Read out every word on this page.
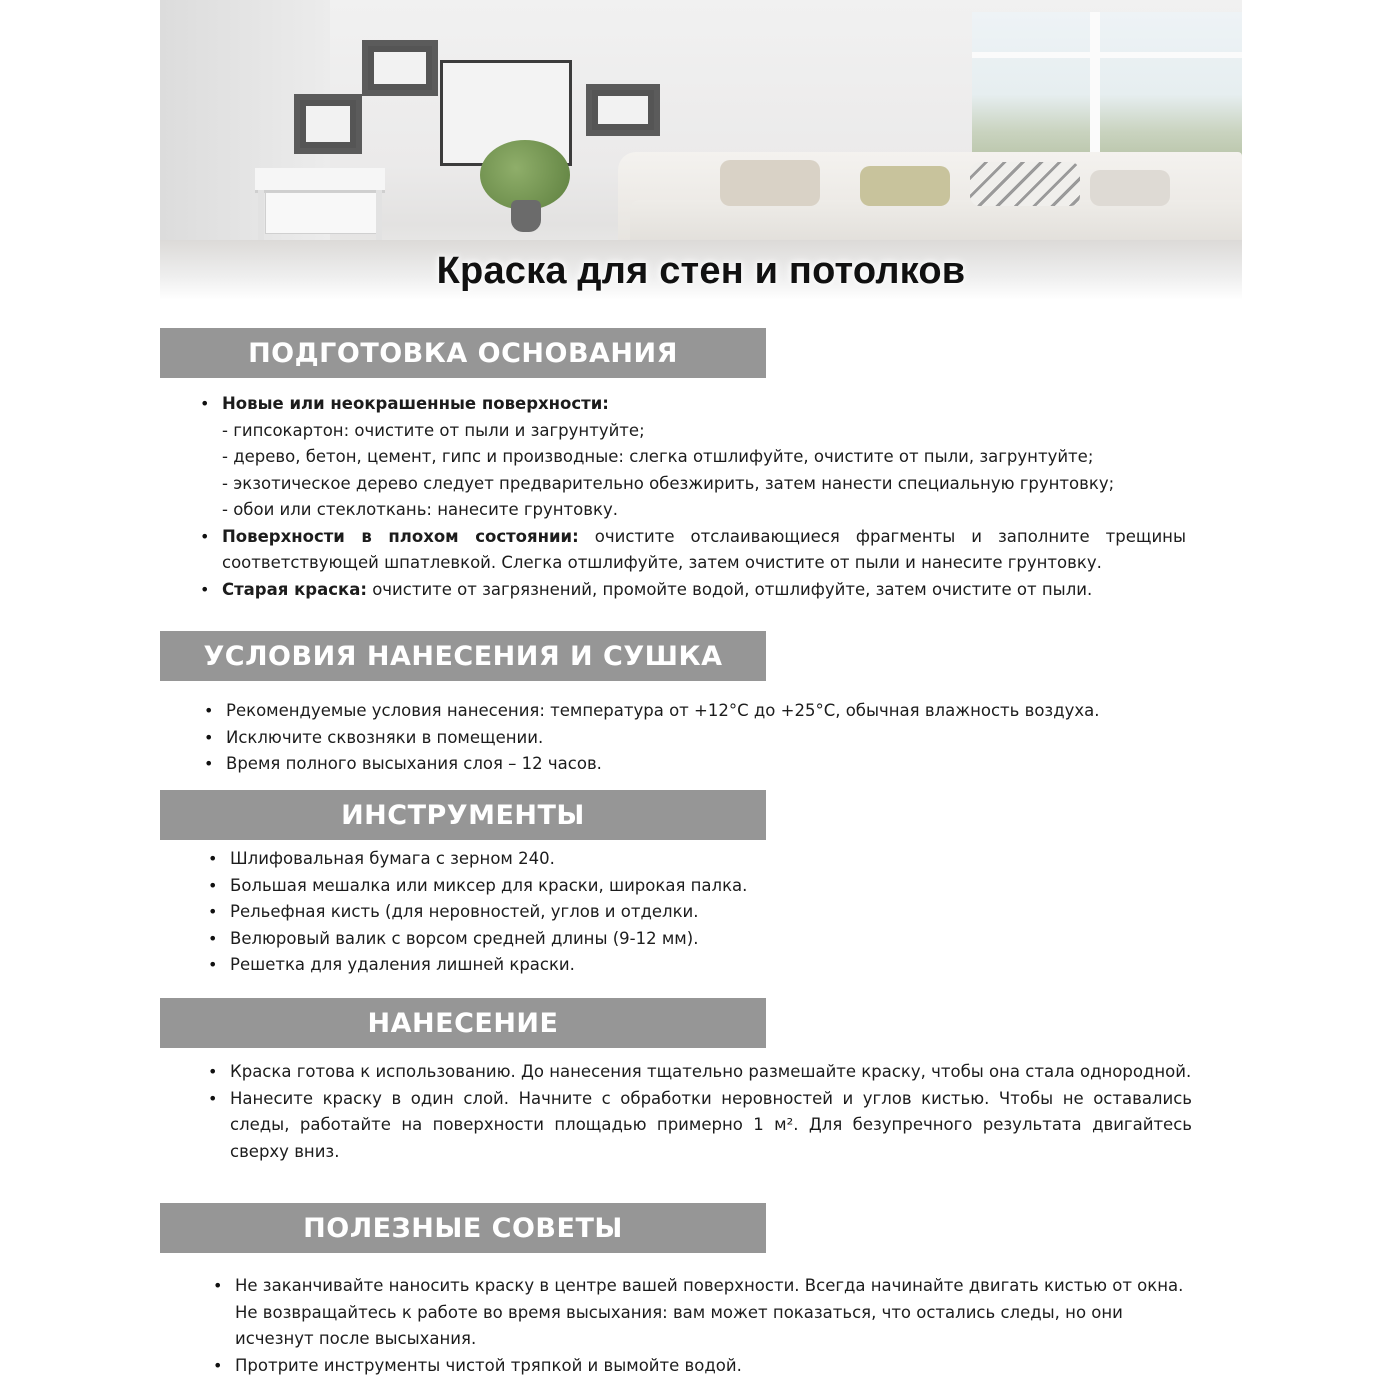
Краска для стен и потолков
ПОДГОТОВКА ОСНОВАНИЯ
• Новые или неокрашенные поверхности:
- гипсокартон: очистите от пыли и загрунтуйте;
- дерево, бетон, цемент, гипс и производные: слегка отшлифуйте, очистите от пыли, загрунтуйте;
- экзотическое дерево следует предварительно обезжирить, затем нанести специальную грунтовку;
- обои или стеклоткань: нанесите грунтовку.
• Поверхности в плохом состоянии: очистите отслаивающиеся фрагменты и заполните трещины соответствующей шпатлевкой. Слегка отшлифуйте, затем очистите от пыли и нанесите грунтовку.
• Старая краска: очистите от загрязнений, промойте водой, отшлифуйте, затем очистите от пыли.
УСЛОВИЯ НАНЕСЕНИЯ И СУШКА
• Рекомендуемые условия нанесения: температура от +12°С до +25°С, обычная влажность воздуха.
• Исключите сквозняки в помещении.
• Время полного высыхания слоя – 12 часов.
ИНСТРУМЕНТЫ
• Шлифовальная бумага с зерном 240.
• Большая мешалка или миксер для краски, широкая палка.
• Рельефная кисть (для неровностей, углов и отделки.
• Велюровый валик с ворсом средней длины (9-12 мм).
• Решетка для удаления лишней краски.
НАНЕСЕНИЕ
• Краска готова к использованию. До нанесения тщательно размешайте краску, чтобы она стала однородной.
• Нанесите краску в один слой. Начните с обработки неровностей и углов кистью. Чтобы не оставались следы, работайте на поверхности площадью примерно 1 м². Для безупречного результата двигайтесь сверху вниз.
ПОЛЕЗНЫЕ СОВЕТЫ
• Не заканчивайте наносить краску в центре вашей поверхности. Всегда начинайте двигать кистью от окна. Не возвращайтесь к работе во время высыхания: вам может показаться, что остались следы, но они исчезнут после высыхания.
• Протрите инструменты чистой тряпкой и вымойте водой.
